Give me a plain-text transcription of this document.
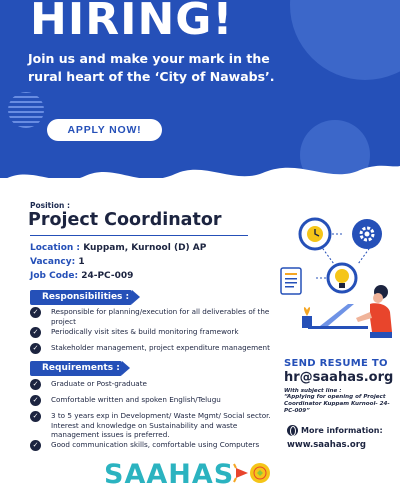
HIRING!
Join us and make your mark in the rural heart of the ‘City of Nawabs’.
APPLY NOW!
Position :
Project Coordinator
Location : Kuppam, Kurnool (D) AP
Vacancy: 1
Job Code: 24-PC-009
Responsibilities :
✓	Responsible for planning/execution for all deliverables of the project
✓	Periodically visit sites & build monitoring framework
✓	Stakeholder management, project expenditure management
Requirements :
✓	Graduate or Post-graduate
✓	Comfortable written and spoken English/Telugu
✓	3 to 5 years exp in Development/ Waste Mgmt/ Social sector. Interest and knowledge on Sustainability and waste management issues is preferred.
✓	Good communication skills, comfortable using Computers
SEND RESUME TO
hr@saahas.org
With subject line :
“Applying for opening of Project Coordinator Kuppam Kurnool- 24-PC-009”
More information:
www.saahas.org
SAAHAS
